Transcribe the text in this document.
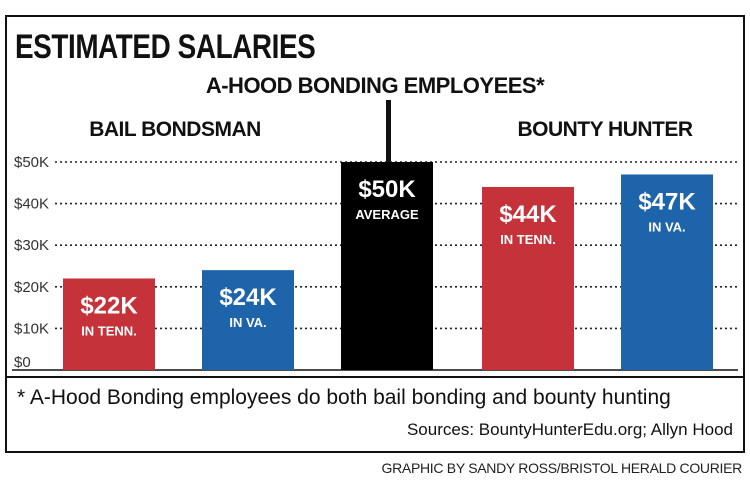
ESTIMATED SALARIES
A-HOOD BONDING EMPLOYEES*
BAIL BONDSMAN	BOUNTY HUNTER
$0
$10K
$20K
$30K
$40K
$50K
$22K
IN TENN.
$24K
IN VA.
$50K
AVERAGE	$44K
IN TENN.
$47K
IN VA.
* A-Hood Bonding employees do both bail bonding and bounty hunting
Sources: BountyHunterEdu.org; Allyn Hood
GRAPHIC BY SANDY ROSS/BRISTOL HERALD COURIER
